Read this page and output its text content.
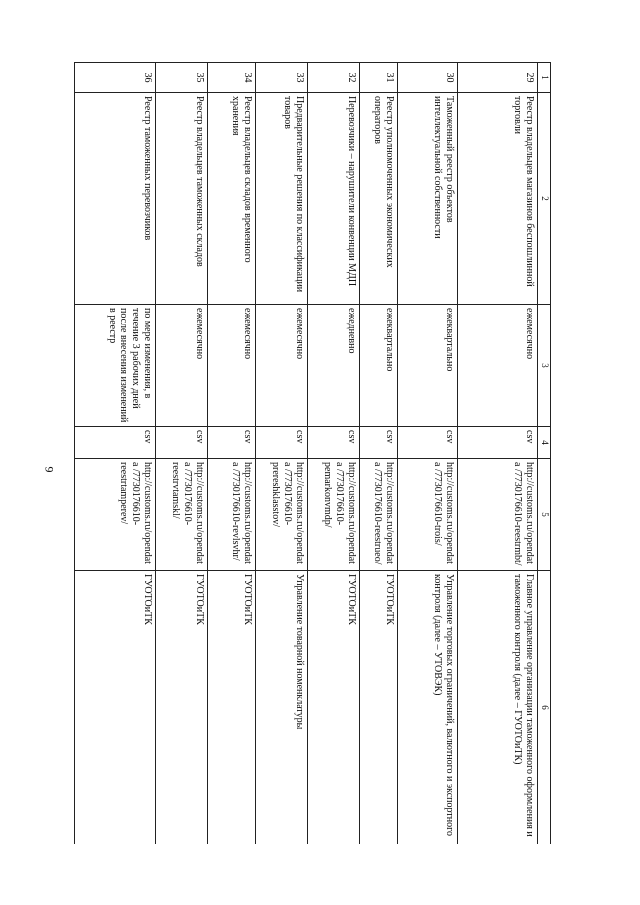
9
1	2	3	4	5	6
29	Реестр владельцев магазинов беспошлинной торговли	ежемесячно	csv	http://customs.ru/opendata /7730176610-reestrmbt/	Главное управление организации таможенного оформления и таможенного контроля (далее – ГУОТОиТК)
30	Таможенный реестр объектов интеллектуальной собственности	ежеквартально	csv	http://customs.ru/opendata /7730176610-trois/	Управление торговых ограничений, валютного и экспортного контроля (далее – УТОВЭК)
31	Реестр уполномоченных экономических операторов	ежеквартально	csv	http://customs.ru/opendata /7730176610-reestrueo/	ГУОТОиТК
32	Перевозчики – нарушители конвенции МДП	ежедневно	csv	http://customs.ru/opendata /7730176610- pemarkonvmdp/	ГУОТОиТК
33	Предварительные решения по классификации товаров	ежемесячно	csv	http://customs.ru/opendata /7730176610- prereshklasstov/	Управление товарной номенклатуры
34	Реестр владельцев складов временного хранения	ежемесячно	csv	http://customs.ru/opendata /7730176610-revlsvhr/	ГУОТОиТК
35	Реестр владельцев таможенных складов	ежемесячно	csv	http://customs.ru/opendata /7730176610- reestrvtamskl/	ГУОТОиТК
36	Реестр таможенных перевозчиков	по мере изменения, в течение 3 рабочих дней после внесения изменений в реестр	csv	http://customs.ru/opendata /7730176610- reestrtamperev/	ГУОТОиТК
